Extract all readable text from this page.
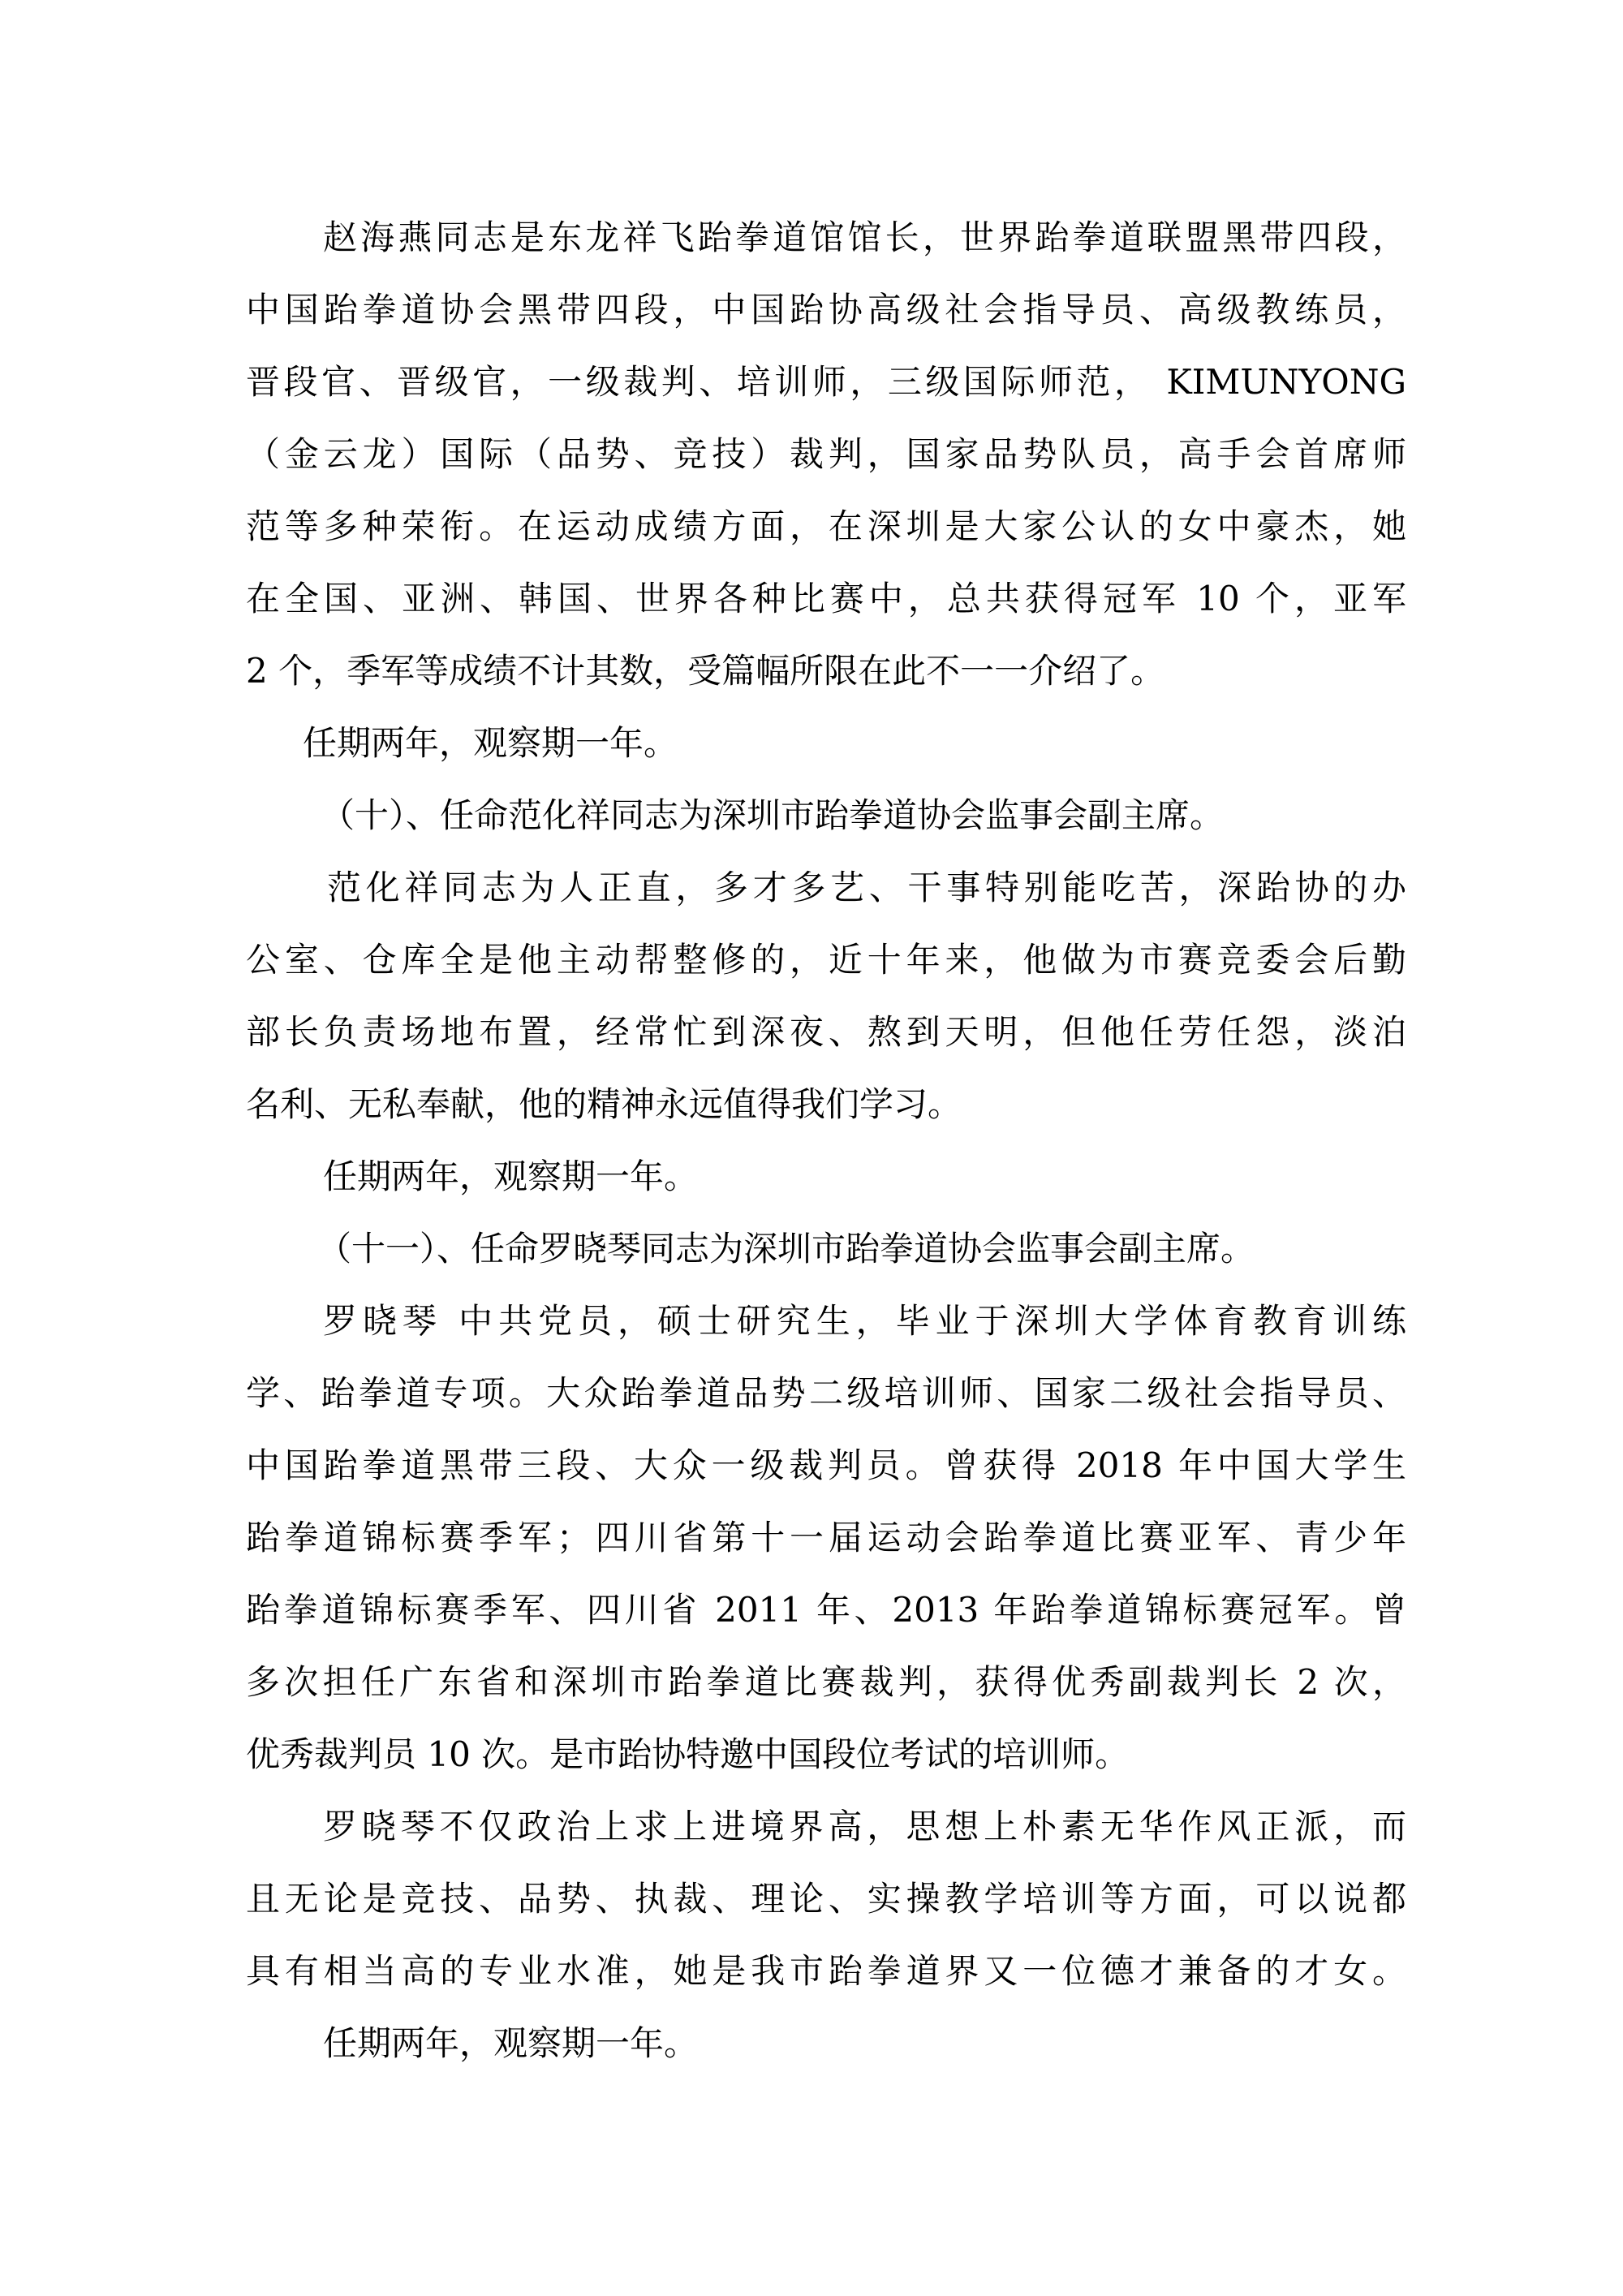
赵海燕同志是东龙祥飞跆拳道馆馆长，世界跆拳道联盟黑带四段，
中国跆拳道协会黑带四段，中国跆协高级社会指导员、高级教练员，
晋段官、晋级官，一级裁判、培训师，三级国际师范， KIMUNYONG
（金云龙）国际（品势、竞技）裁判，国家品势队员，高手会首席师
范等多种荣衔。在运动成绩方面，在深圳是大家公认的女中豪杰，她
在全国、亚洲、韩国、世界各种比赛中，总共获得冠军 10 个，亚军
2 个，季军等成绩不计其数，受篇幅所限在此不一一介绍了。
任期两年，观察期一年。
（十）、任命范化祥同志为深圳市跆拳道协会监事会副主席。
范化祥同志为人正直，多才多艺、干事特别能吃苦，深跆协的办
公室、仓库全是他主动帮整修的，近十年来，他做为市赛竞委会后勤
部长负责场地布置，经常忙到深夜、熬到天明，但他任劳任怨，淡泊
名利、无私奉献，他的精神永远值得我们学习。
任期两年，观察期一年。
（十一）、任命罗晓琴同志为深圳市跆拳道协会监事会副主席。
罗晓琴 中共党员，硕士研究生，毕业于深圳大学体育教育训练
学、跆拳道专项。大众跆拳道品势二级培训师、国家二级社会指导员、
中国跆拳道黑带三段、大众一级裁判员。曾获得 2018 年中国大学生
跆拳道锦标赛季军；四川省第十一届运动会跆拳道比赛亚军、青少年
跆拳道锦标赛季军、四川省 2011 年、2013 年跆拳道锦标赛冠军。曾
多次担任广东省和深圳市跆拳道比赛裁判，获得优秀副裁判长 2 次，
优秀裁判员 10 次。是市跆协特邀中国段位考试的培训师。
罗晓琴不仅政治上求上进境界高，思想上朴素无华作风正派，而
且无论是竞技、品势、执裁、理论、实操教学培训等方面，可以说都
具有相当高的专业水准，她是我市跆拳道界又一位德才兼备的才女。
任期两年，观察期一年。
